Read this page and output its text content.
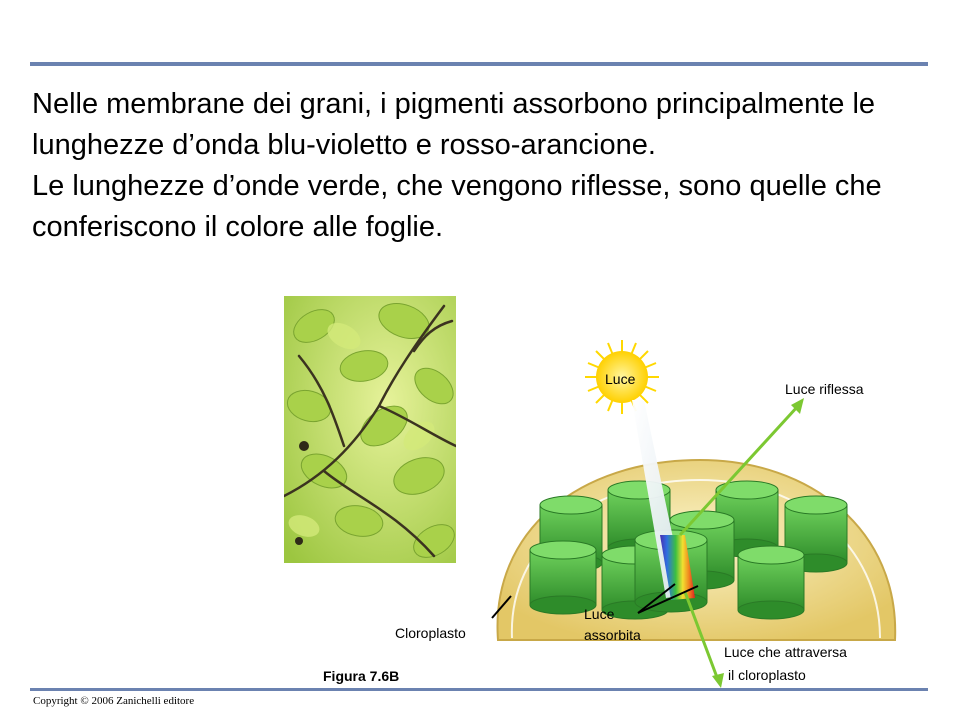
Nelle membrane dei grani, i pigmenti assorbono principalmente le lunghezze d’onda blu-violetto e rosso-arancione.

Le lunghezze d’onde verde, che vengono riflesse, sono quelle che conferiscono il colore alle foglie.

Luce
Luce riflessa
Luce
assorbita
Cloroplasto
Luce che attraversa
il cloroplasto
Figura 7.6B
Copyright © 2006 Zanichelli editore
